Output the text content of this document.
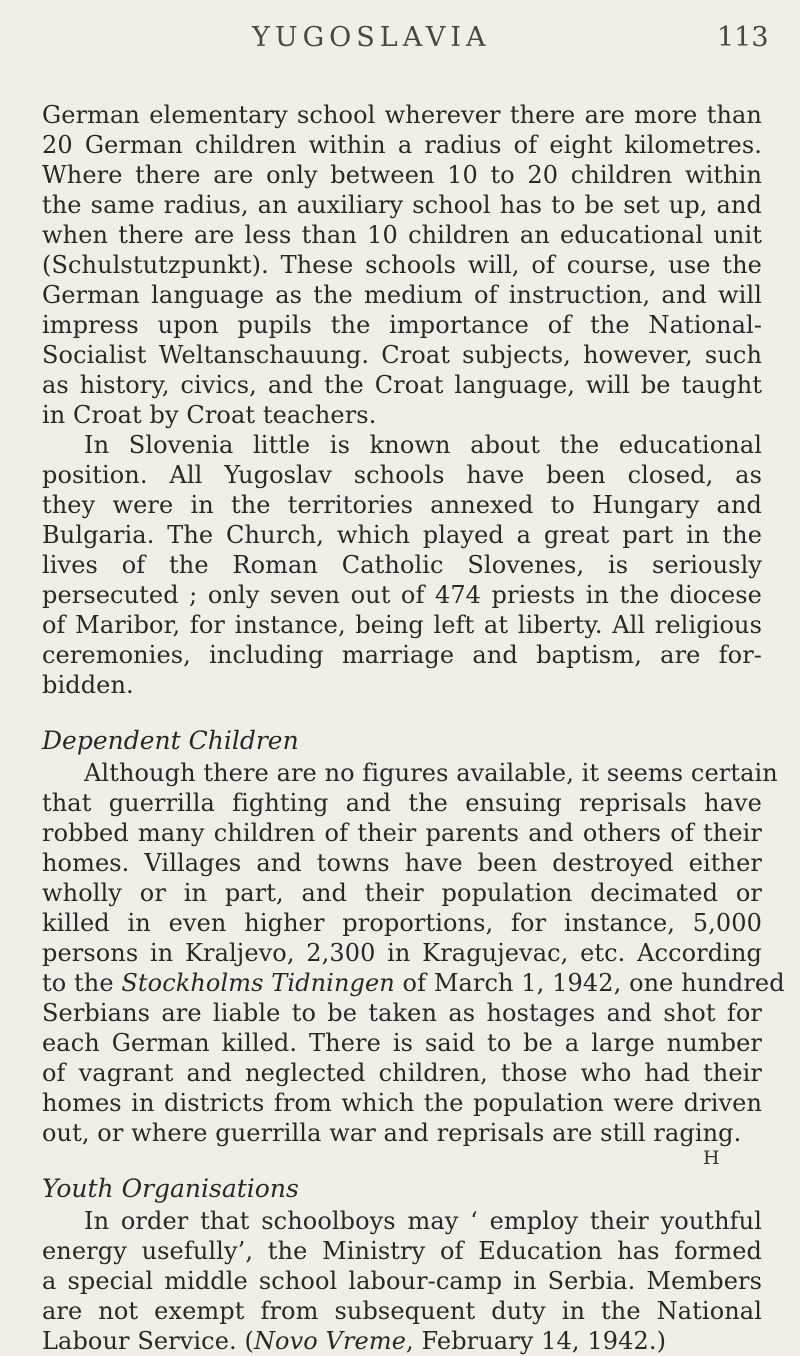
YUGOSLAVIA	113
German elementary school wherever there are more than
20 German children within a radius of eight kilometres.
Where there are only between 10 to 20 children within
the same radius, an auxiliary school has to be set up, and
when there are less than 10 children an educational unit
(Schulstutzpunkt). These schools will, of course, use the
German language as the medium of instruction, and will
impress upon pupils the importance of the National-
Socialist Weltanschauung. Croat subjects, however, such
as history, civics, and the Croat language, will be taught
in Croat by Croat teachers.
In Slovenia little is known about the educational
position. All Yugoslav schools have been closed, as
they were in the territories annexed to Hungary and
Bulgaria. The Church, which played a great part in the
lives of the Roman Catholic Slovenes, is seriously
persecuted ; only seven out of 474 priests in the diocese
of Maribor, for instance, being left at liberty. All religious
ceremonies, including marriage and baptism, are for-
bidden.
Dependent Children
Although there are no figures available, it seems certain
that guerrilla fighting and the ensuing reprisals have
robbed many children of their parents and others of their
homes. Villages and towns have been destroyed either
wholly or in part, and their population decimated or
killed in even higher proportions, for instance, 5,000
persons in Kraljevo, 2,300 in Kragujevac, etc. According
to the Stockholms Tidningen of March 1, 1942, one hundred
Serbians are liable to be taken as hostages and shot for
each German killed. There is said to be a large number
of vagrant and neglected children, those who had their
homes in districts from which the population were driven
out, or where guerrilla war and reprisals are still raging.
Youth Organisations
In order that schoolboys may ‘ employ their youthful
energy usefully’, the Ministry of Education has formed
a special middle school labour-camp in Serbia. Members
are not exempt from subsequent duty in the National
Labour Service. (Novo Vreme, February 14, 1942.)
H
